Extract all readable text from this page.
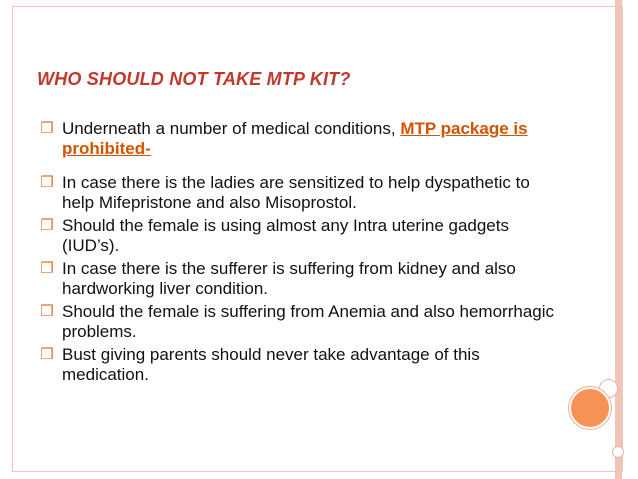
WHO SHOULD NOT TAKE MTP KIT?
❒ Underneath a number of medical conditions, MTP package is prohibited-
❒ In case there is the ladies are sensitized to help dyspathetic to help Mifepristone and also Misoprostol.
❒ Should the female is using almost any Intra uterine gadgets (IUD’s).
❒ In case there is the sufferer is suffering from kidney and also hardworking liver condition.
❒ Should the female is suffering from Anemia and also hemorrhagic problems.
❒ Bust giving parents should never take advantage of this medication.
